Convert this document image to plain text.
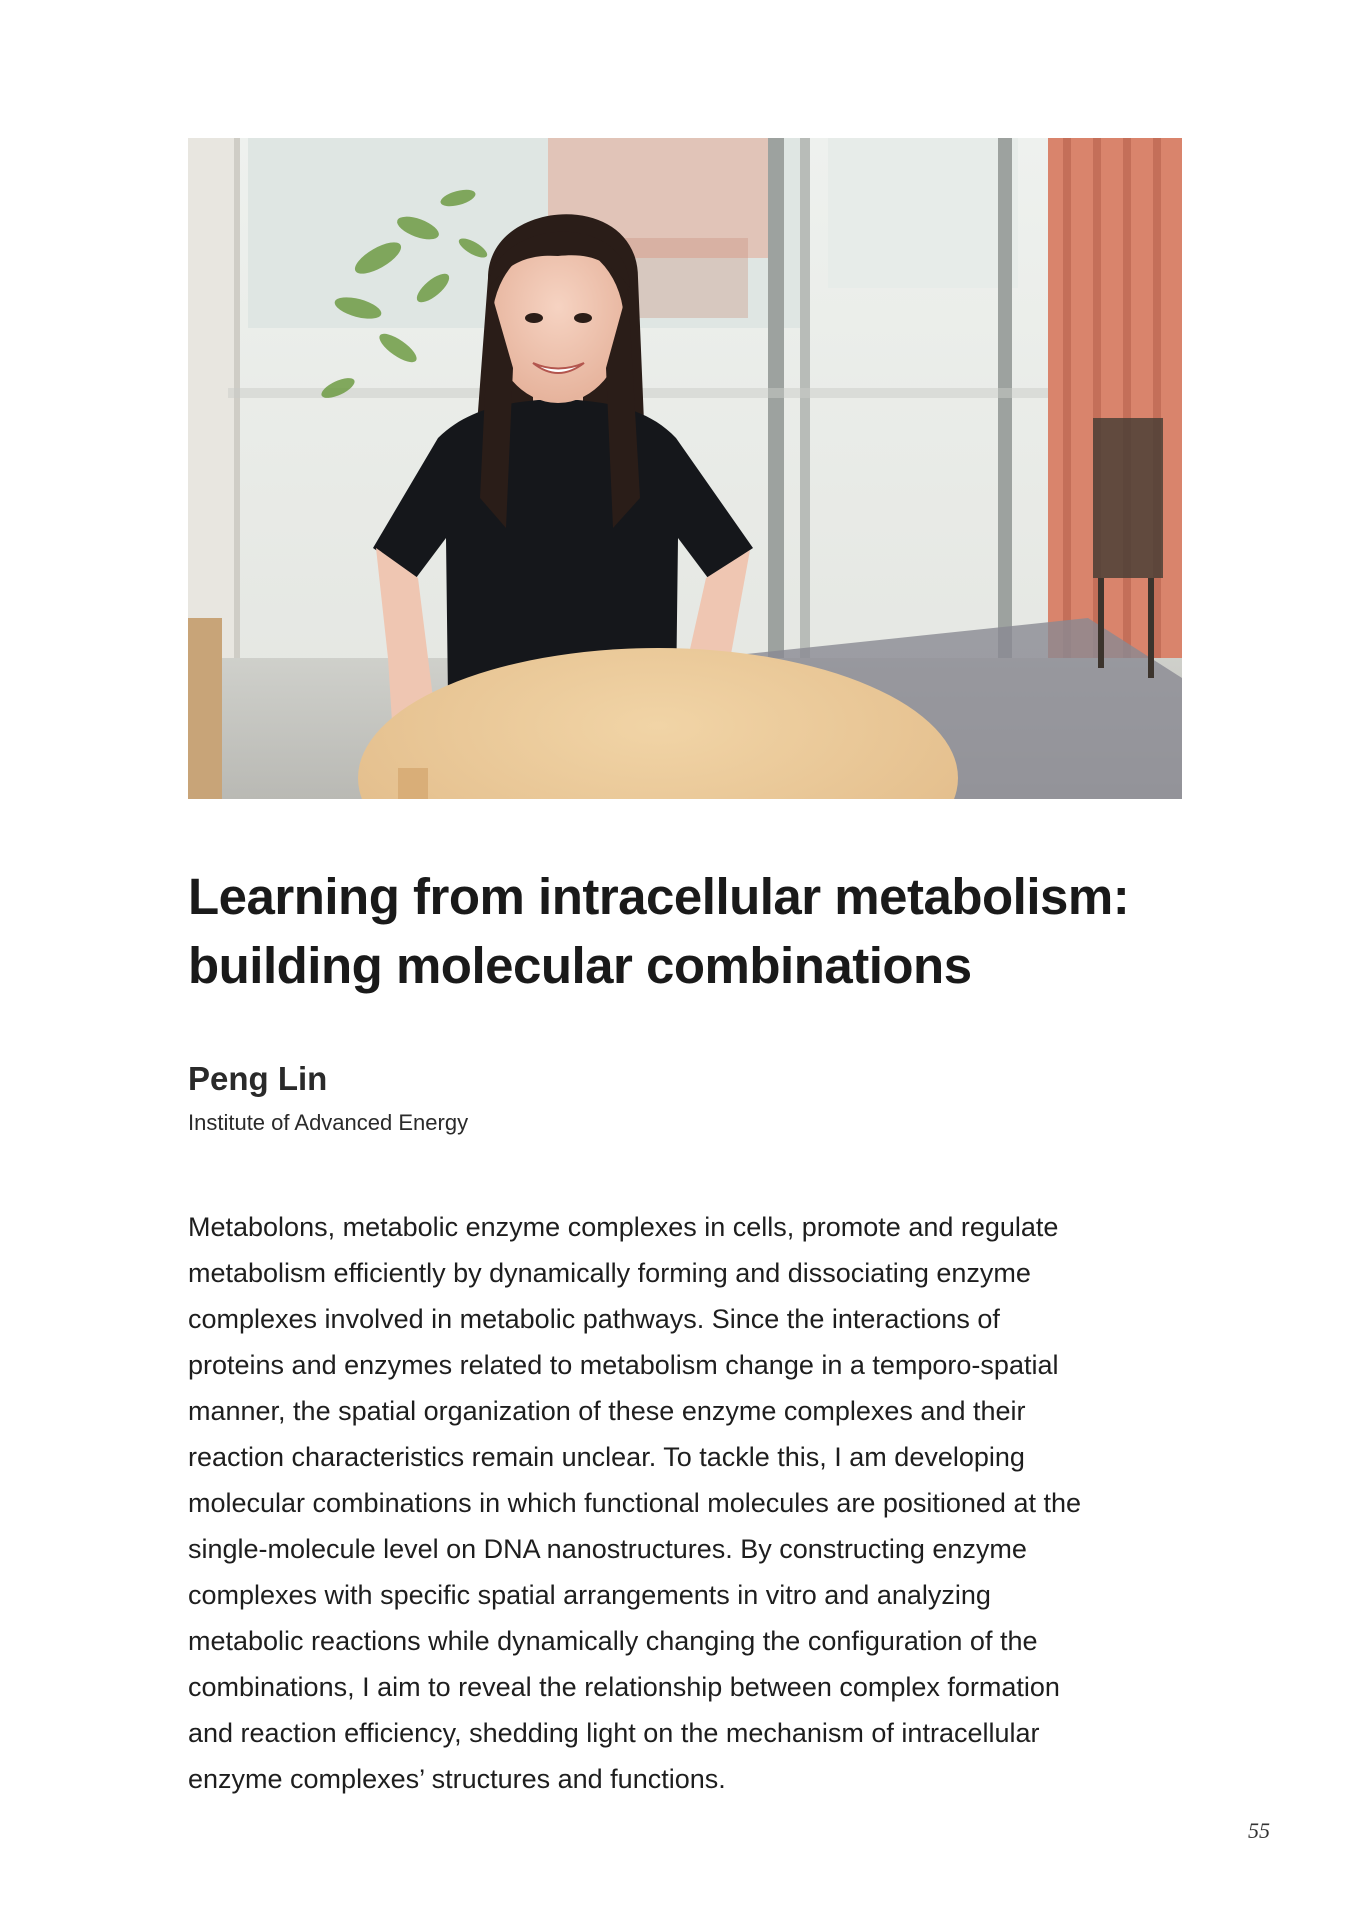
Learning from intracellular metabolism:
building molecular combinations

Peng Lin

Institute of Advanced Energy

Metabolons, metabolic enzyme complexes in cells, promote and regulate
metabolism efficiently by dynamically forming and dissociating enzyme
complexes involved in metabolic pathways. Since the interactions of
proteins and enzymes related to metabolism change in a temporo-spatial
manner, the spatial organization of these enzyme complexes and their
reaction characteristics remain unclear. To tackle this, I am developing
molecular combinations in which functional molecules are positioned at the
single-molecule level on DNA nanostructures. By constructing enzyme
complexes with specific spatial arrangements in vitro and analyzing
metabolic reactions while dynamically changing the configuration of the
combinations, I aim to reveal the relationship between complex formation
and reaction efficiency, shedding light on the mechanism of intracellular
enzyme complexes’ structures and functions.

55
